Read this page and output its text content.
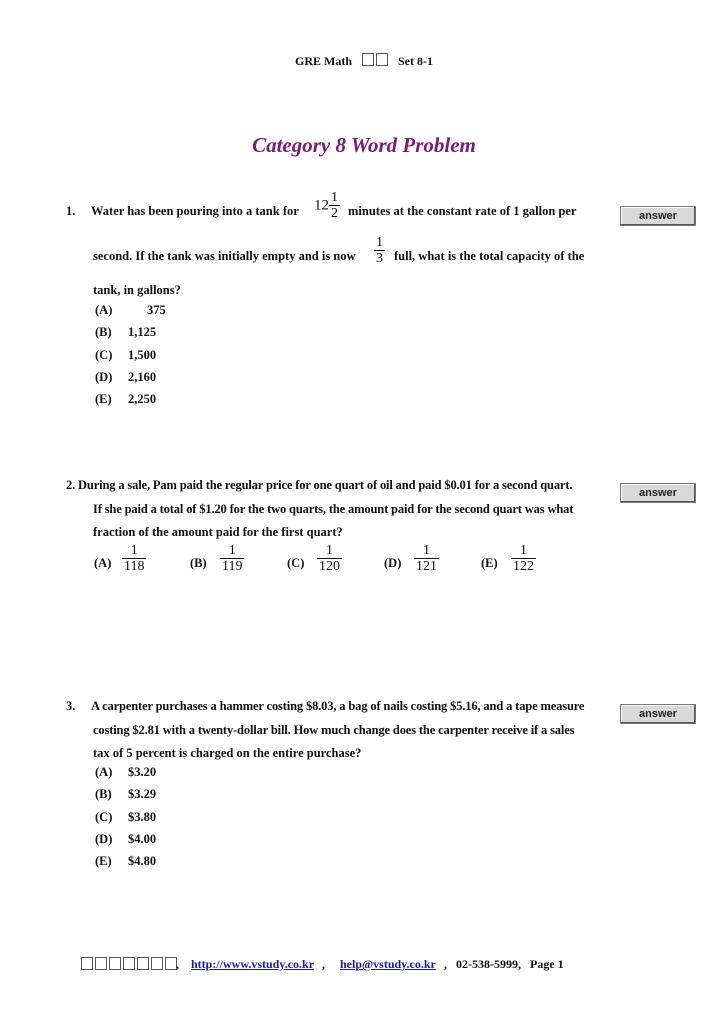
GRE Math	Set 8-1
Category 8 Word Problem
1. Water has been pouring into a tank for $12 \frac{1}{2}$ minutes at the constant rate of 1 gallon per	answer
second. If the tank was initially empty and is now $\frac{1}{3}$ full, what is the total capacity of the
tank, in gallons?
(A)	375
(B) 1,125
(C) 1,500
(D) 2,160
(E) 2,250
2. During a sale, Pam paid the regular price for one quart of oil and paid $0.01 for a second quart.
answer
If she paid a total of $1.20 for the two quarts, the amount paid for the second quart was what
fraction of the amount paid for the first quart?
$(A) \frac{1}{118}$	$(B) \frac{1}{119}$	$(C) \frac{1}{120}$	$(D) \frac{1}{121}$	$(E) \frac{1}{122}$
3. A carpenter purchases a hammer costing $8.03, a bag of nails costing $5.16, and a tape measure
answer
costing $2.81 with a twenty-dollar bill. How much change does the carpenter receive if a sales
tax of 5 percent is charged on the entire purchase?
(A) $3.20
(B) $3.29
(C) $3.80
(D) $4.00
(E) $4.80
, http://www.vstudy.co.kr , help@vstudy.co.kr ,   02-538-5999,   Page 1
